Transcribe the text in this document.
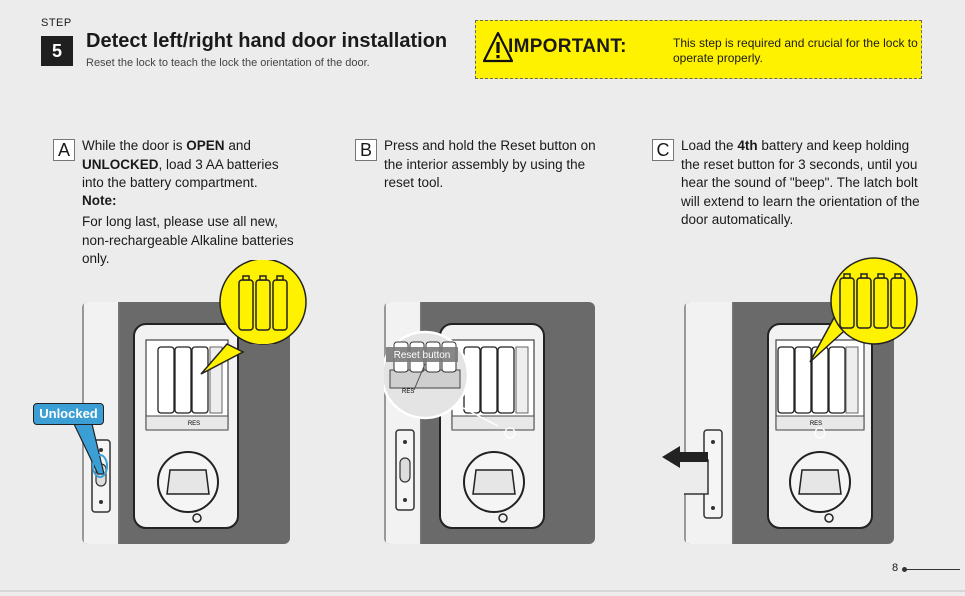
STEP
5	Detect left/right hand door installation
Reset the lock to teach the lock the orientation of the door.
IMPORTANT:	This step is required and crucial for the lock to operate properly.
A While the door is OPEN and UNLOCKED, load 3 AA batteries into the battery compartment.
Note:
For long last, please use all new, non-rechargeable Alkaline batteries only.
B Press and hold the Reset button on the interior assembly by using the reset tool.
C Load the 4th battery and keep holding the reset button for 3 seconds, until you hear the sound of "beep". The latch bolt will extend to learn the orientation of the door automatically.
RES
RES
Reset button
RES
Unlocked
8
